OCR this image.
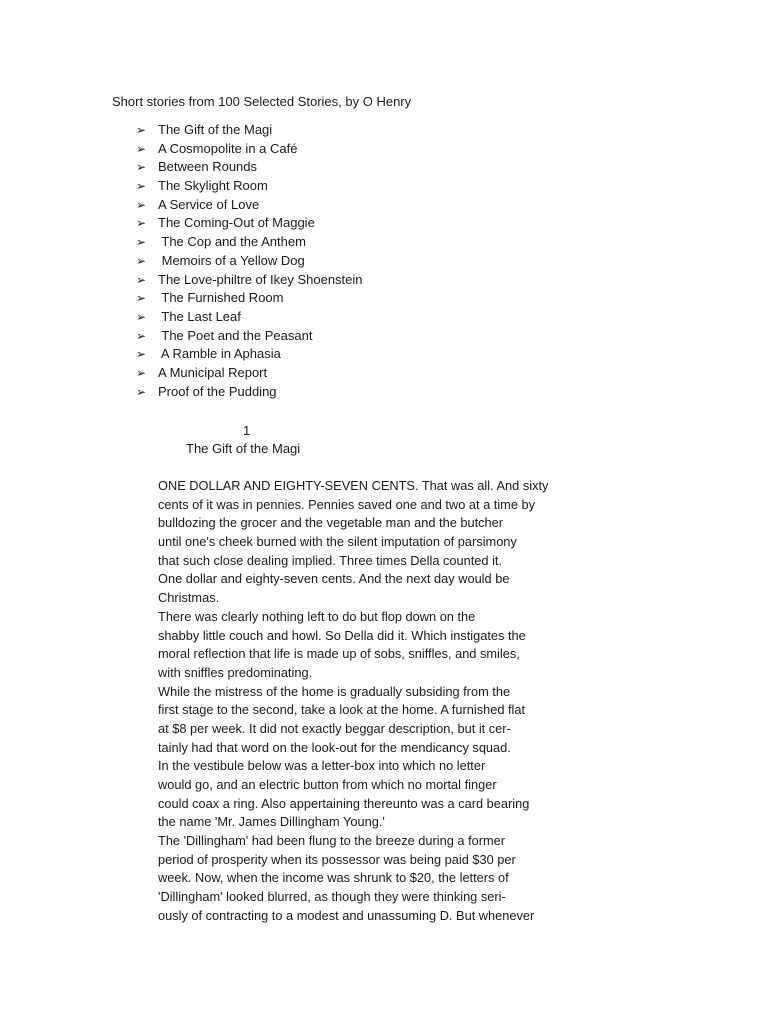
Short stories from 100 Selected Stories, by O Henry
➢ The Gift of the Magi
➢ A Cosmopolite in a Café
➢ Between Rounds
➢ The Skylight Room
➢ A Service of Love
➢ The Coming-Out of Maggie
➢ The Cop and the Anthem
➢ Memoirs of a Yellow Dog
➢ The Love-philtre of Ikey Shoenstein
➢ The Furnished Room
➢ The Last Leaf
➢ The Poet and the Peasant
➢ A Ramble in Aphasia
➢ A Municipal Report
➢ Proof of the Pudding
1
The Gift of the Magi
ONE DOLLAR AND EIGHTY-SEVEN CENTS. That was all. And sixty
cents of it was in pennies. Pennies saved one and two at a time by
bulldozing the grocer and the vegetable man and the butcher
until one's cheek burned with the silent imputation of parsimony
that such close dealing implied. Three times Della counted it.
One dollar and eighty-seven cents. And the next day would be
Christmas.
There was clearly nothing left to do but flop down on the
shabby little couch and howl. So Della did it. Which instigates the
moral reflection that life is made up of sobs, sniffles, and smiles,
with sniffles predominating.
While the mistress of the home is gradually subsiding from the
first stage to the second, take a look at the home. A furnished flat
at $8 per week. It did not exactly beggar description, but it cer-
tainly had that word on the look-out for the mendicancy squad.
In the vestibule below was a letter-box into which no letter
would go, and an electric button from which no mortal finger
could coax a ring. Also appertaining thereunto was a card bearing
the name 'Mr. James Dillingham Young.'
The 'Dillingham' had been flung to the breeze during a former
period of prosperity when its possessor was being paid $30 per
week. Now, when the income was shrunk to $20, the letters of
'Dillingham' looked blurred, as though they were thinking seri-
ously of contracting to a modest and unassuming D. But whenever
